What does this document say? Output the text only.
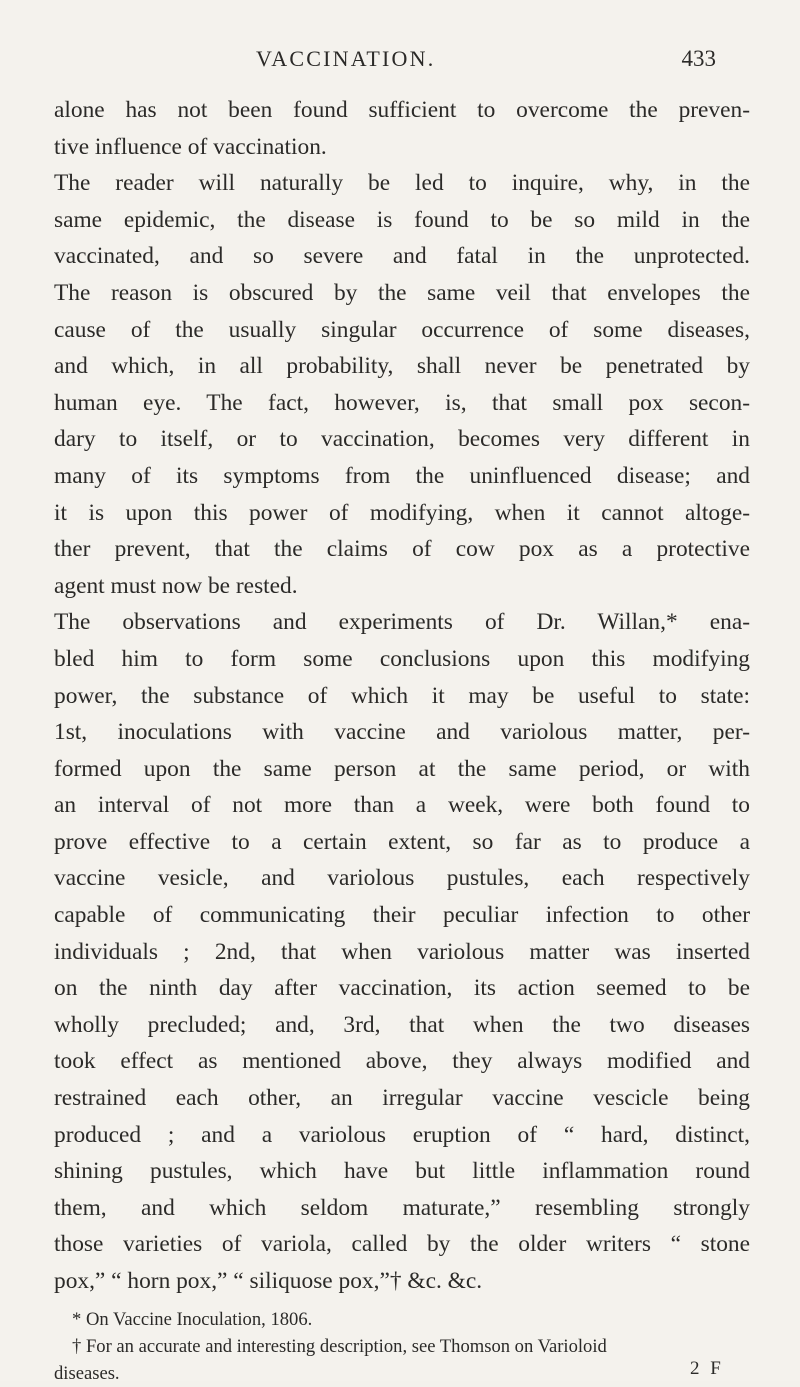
VACCINATION.	433
alone has not been found sufficient to overcome the preven-
tive influence of vaccination.
The reader will naturally be led to inquire, why, in the
same epidemic, the disease is found to be so mild in the
vaccinated, and so severe and fatal in the unprotected.
The reason is obscured by the same veil that envelopes the
cause of the usually singular occurrence of some diseases,
and which, in all probability, shall never be penetrated by
human eye. The fact, however, is, that small pox secon-
dary to itself, or to vaccination, becomes very different in
many of its symptoms from the uninfluenced disease; and
it is upon this power of modifying, when it cannot altoge-
ther prevent, that the claims of cow pox as a protective
agent must now be rested.
The observations and experiments of Dr. Willan,* ena-
bled him to form some conclusions upon this modifying
power, the substance of which it may be useful to state:
1st, inoculations with vaccine and variolous matter, per-
formed upon the same person at the same period, or with
an interval of not more than a week, were both found to
prove effective to a certain extent, so far as to produce a
vaccine vesicle, and variolous pustules, each respectively
capable of communicating their peculiar infection to other
individuals ; 2nd, that when variolous matter was inserted
on the ninth day after vaccination, its action seemed to be
wholly precluded; and, 3rd, that when the two diseases
took effect as mentioned above, they always modified and
restrained each other, an irregular vaccine vescicle being
produced ; and a variolous eruption of “ hard, distinct,
shining pustules, which have but little inflammation round
them, and which seldom maturate,” resembling strongly
those varieties of variola, called by the older writers “ stone
pox,” “ horn pox,” “ siliquose pox,”† &c. &c.
* On Vaccine Inoculation, 1806.
† For an accurate and interesting description, see Thomson on Varioloid
diseases.	2 F
